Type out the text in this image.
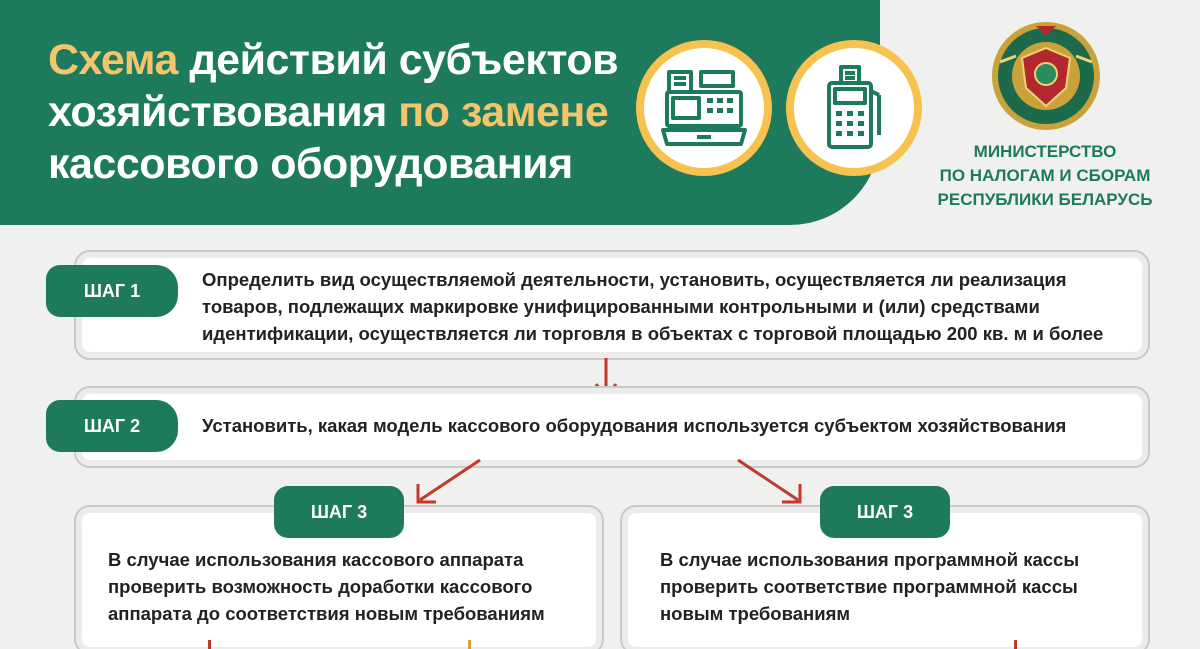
Схема действий субъектов хозяйствования по замене кассового оборудования	МИНИСТЕРСТВО
ПО НАЛОГАМ И СБОРАМ
РЕСПУБЛИКИ БЕЛАРУСЬ
ШАГ 1
Определить вид осуществляемой деятельности, установить, осуществляется ли реализация товаров, подлежащих маркировке унифицированными контрольными и (или) средствами идентификации, осуществляется ли торговля в объектах с торговой площадью 200 кв. м и более
ШАГ 2	Установить, какая модель кассового оборудования используется субъектом хозяйствования
ШАГ 3
В случае использования кассового аппарата проверить возможность доработки кассового аппарата до соответствия новым требованиям
ШАГ 3
В случае использования программной кассы проверить соответствие программной кассы новым требованиям
